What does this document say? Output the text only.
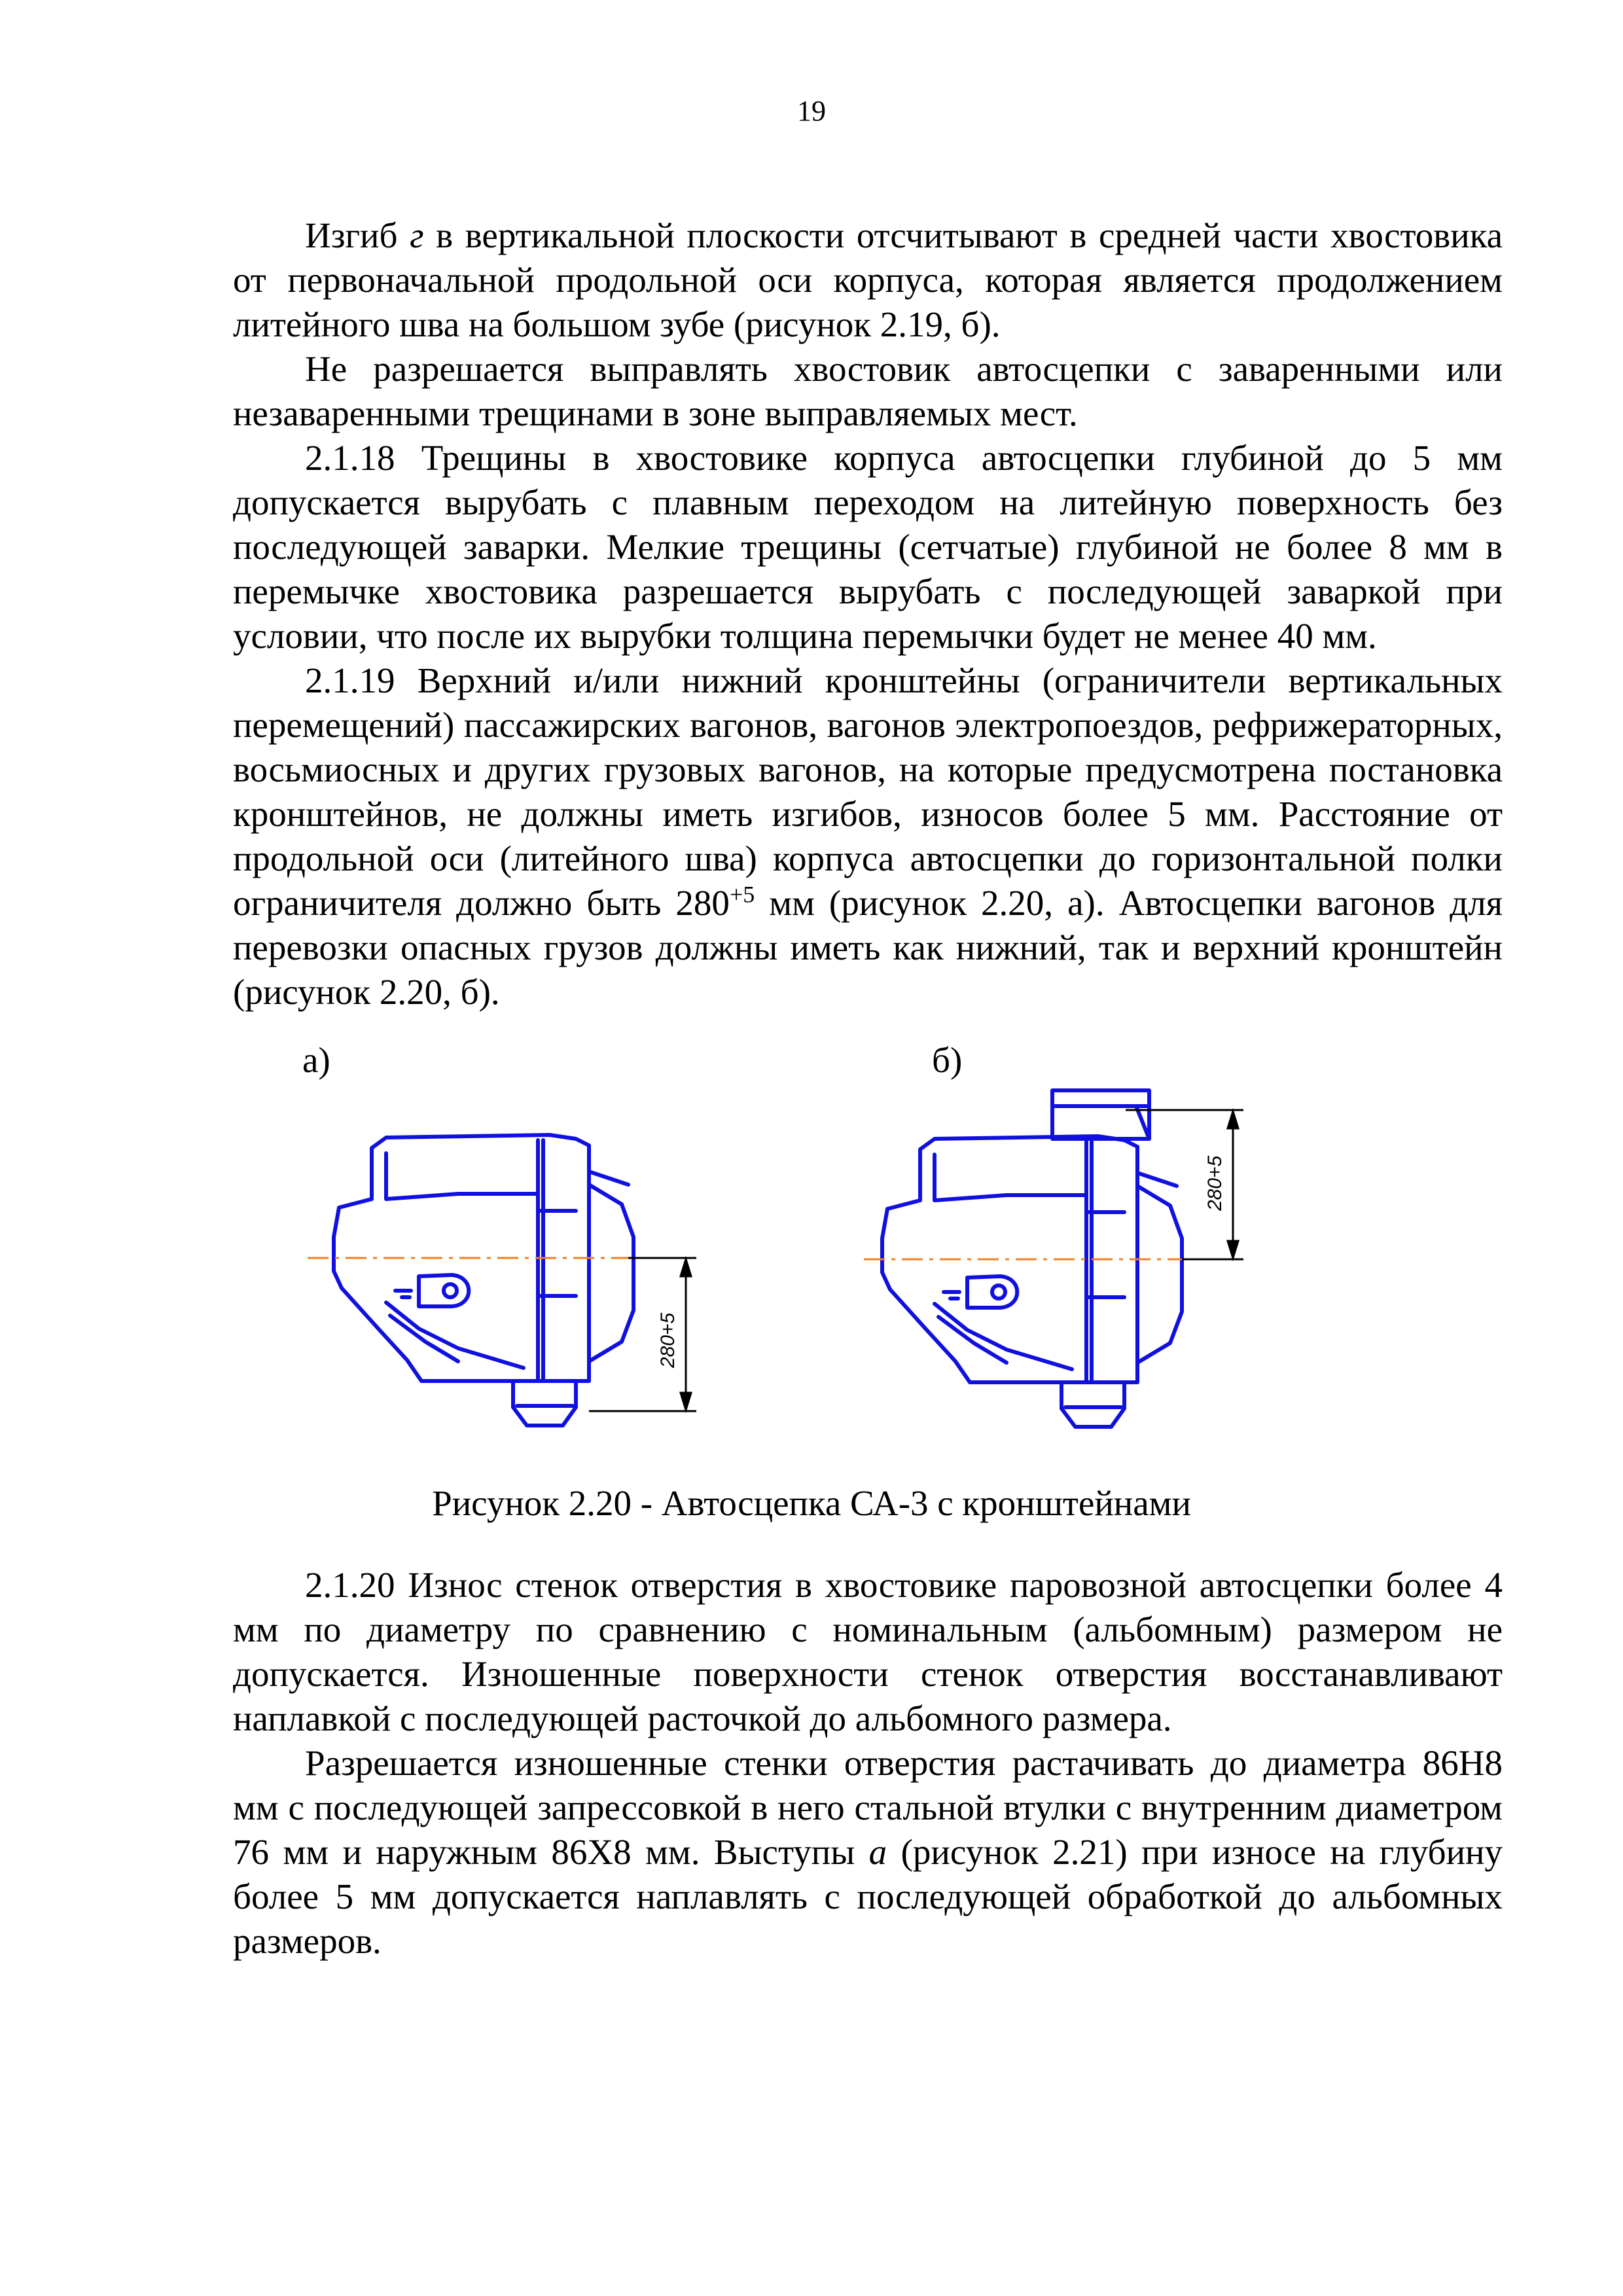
19

Изгиб г в вертикальной плоскости отсчитывают в средней части хвостовика от первоначальной продольной оси корпуса, которая является продолжением литейного шва на большом зубе (рисунок 2.19, б).

Не разрешается выправлять хвостовик автосцепки с заваренными или незаваренными трещинами в зоне выправляемых мест.

2.1.18 Трещины в хвостовике корпуса автосцепки глубиной до 5 мм допускается вырубать с плавным переходом на литейную поверхность без последующей заварки. Мелкие трещины (сетчатые) глубиной не более 8 мм в перемычке хвостовика разрешается вырубать с последующей заваркой при условии, что после их вырубки толщина перемычки будет не менее 40 мм.

2.1.19 Верхний и/или нижний кронштейны (ограничители вертикальных перемещений) пассажирских вагонов, вагонов электропоездов, рефрижераторных, восьмиосных и других грузовых вагонов, на которые предусмотрена постановка кронштейнов, не должны иметь изгибов, износов более 5 мм. Расстояние от продольной оси (литейного шва) корпуса автосцепки до горизонтальной полки ограничителя должно быть $280^{+5}$ мм (рисунок 2.20, а). Автосцепки вагонов для перевозки опасных грузов должны иметь как нижний, так и верхний кронштейн (рисунок 2.20, б).

а)	б)
280+5
280+5
Рисунок 2.20 - Автосцепка СА-3 с кронштейнами

2.1.20 Износ стенок отверстия в хвостовике паровозной автосцепки более 4 мм по диаметру по сравнению с номинальным (альбомным) размером не допускается. Изношенные поверхности стенок отверстия восстанавливают наплавкой с последующей расточкой до альбомного размера.

Разрешается изношенные стенки отверстия растачивать до диаметра 86Н8 мм с последующей запрессовкой в него стальной втулки с внутренним диаметром 76 мм и наружным 86Х8 мм. Выступы а (рисунок 2.21) при износе на глубину более 5 мм допускается наплавлять с последующей обработкой до альбомных размеров.
